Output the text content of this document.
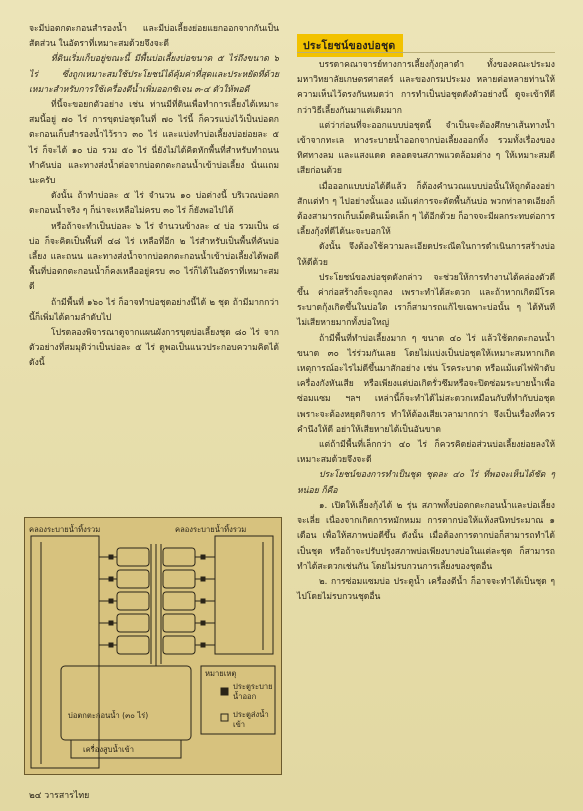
จะมีบ่อตกตะกอนสำรองน้ำ และมีบ่อเลี้ยงย่อยแยกออกจากกันเป็นสัดส่วน ในอัตราที่เหมาะสมด้วยจึงจะดี

ที่ดินเริ่มเก็บอยู่ขณะนี้ มีพื้นบ่อเลี้ยงบ่อขนาด ๕ ไร่ถึงขนาด ๖ ไร่ ซึ่งถูกเหมาะสมใช้ประโยชน์ได้คุ้มค่าที่สุดและประหยัดที่ด้วย เหมาะสำหรับการใช้เครื่องตีน้ำเพิ่มออกซิเจน ๓-๔ ตัวให้พอดี

ที่นี้จะขอยกตัวอย่าง เช่น ท่านมีที่ดินเพื่อทำการเลี้ยงได้เหมาะสมนี้อยู่ ๗๐ ไร่ การขุดบ่อชุดในที่ ๗๐ ไร่นี้ ก็ควรแบ่งไว้เป็นบ่อตกตะกอนเก็บสำรองน้ำไว้ราว ๓๐ ไร่ และแบ่งทำบ่อเลี้ยงบ่อย่อยละ ๕ ไร่ ก็จะได้ ๑๐ บ่อ รวม ๕๐ ไร่ นี่ยังไม่ได้คิดหักพื้นที่สำหรับทำถนน ทำคันบ่อ และทางส่งน้ำต่อจากบ่อตกตะกอนน้ำเข้าบ่อเลี้ยง นั่นแถมนะครับ

ดังนั้น ถ้าทำบ่อละ ๕ ไร่ จำนวน ๑๐ บ่อต่างนี้ บริเวณบ่อตกตะกอนน้ำจริง ๆ ก็น่าจะเหลือไม่ครบ ๓๐ ไร่ ก็ยังพอไปได้

หรือถ้าจะทำเป็นบ่อละ ๖ ไร่ จำนวนข้างละ ๔ บ่อ รวมเป็น ๘ บ่อ ก็จะคิดเป็นพื้นที่ ๔๘ ไร่ เหลือที่อีก ๒ ไร่สำหรับเป็นพื้นที่คันบ่อเลี้ยง และถนน และทางส่งน้ำจากบ่อตกตะกอนน้ำเข้าบ่อเลี้ยงได้พอดี พื้นที่บ่อตกตะกอนน้ำก็คงเหลืออยู่ครบ ๓๐ ไร่ก็ได้ในอัตราที่เหมาะสมดี

ถ้ามีพื้นที่ ๑๖๐ ไร่ ก็อาจทำบ่อชุดอย่างนี้ได้ ๒ ชุด ถ้ามีมากกว่านี้ก็เพิ่มได้ตามลำดับไป

โปรดลองพิจารณาดูจากแผนผังการขุดบ่อเลี้ยงชุด ๘๐ ไร่ จากตัวอย่างที่สมมุติว่าเป็นบ่อละ ๕ ไร่ ดูพอเป็นแนวประกอบความคิดได้ดังนี้

ประโยชน์ของบ่อชุด

บรรดาคณาจารย์ทางการเลี้ยงกุ้งกุลาดำ ทั้งของคณะประมง มหาวิทยาลัยเกษตรศาสตร์ และของกรมประมง หลายต่อหลายท่านให้ความเห็นไว้ตรงกันหมดว่า การทำเป็นบ่อชุดดังตัวอย่างนี้ ดูจะเข้าทีดีกว่าวิธีเลี้ยงกันมาแต่เดิมมาก

แต่ว่าก่อนที่จะออกแบบบ่อชุดนี้ จำเป็นจะต้องศึกษาเส้นทางน้ำเข้าจากทะเล ทางระบายน้ำออกจากบ่อเลี้ยงออกทิ้ง รวมทั้งเรื่องของทิศทางลม และแสงแดด ตลอดจนสภาพแวดล้อมต่าง ๆ ให้เหมาะสมดีเสียก่อนด้วย

เมื่อออกแบบบ่อได้ดีแล้ว ก็ต้องคำนวณแบบบ่อนั้นให้ถูกต้องอย่าสักแต่ทำ ๆ ไปอย่างนั้นเอง แม้แต่การจะตัดพื้นก้นบ่อ พวกท่าลาดเอียงก็ต้องสามารถเก็บเม็ดดินเม็ดเล็ก ๆ ได้อีกด้วย ก็อาจจะมีผลกระทบต่อการเลี้ยงกุ้งที่ดีได้นะจะบอกให้

ดังนั้น จึงต้องใช้ความละเอียดประณีตในการดำเนินการสร้างบ่อให้ดีด้วย

ประโยชน์ของบ่อชุดดังกล่าว จะช่วยให้การทำงานได้คล่องตัวดีขึ้น ค่าก่อสร้างก็จะถูกลง เพราะทำได้สะดวก และถ้าหากเกิดมีโรคระบาดกุ้งเกิดขึ้นในบ่อใด เราก็สามารถแก้ไขเฉพาะบ่อนั้น ๆ ได้ทันที ไม่เสียหายมากทั้งบ่อใหญ่

ถ้ามีพื้นที่ทำบ่อเลี้ยงมาก ๆ ขนาด ๔๐ ไร่ แล้วใช้ตกตะกอนน้ำขนาด ๓๐ ไร่ร่วมกันเลย โดยไม่แบ่งเป็นบ่อชุดให้เหมาะสมหากเกิดเหตุการณ์อะไรไม่ดีขึ้นมาสักอย่าง เช่น โรคระบาด หรือแม้แต่ไฟฟ้าดับ เครื่องกังหันเสีย หรือเพียงแต่บ่อเกิดรั่วซึมหรือจะปิดซ่อมระบายน้ำเพื่อซ่อมแซม ฯลฯ เหล่านี้ก็จะทำได้ไม่สะดวกเหมือนกับที่ทำกับบ่อชุด เพราะจะต้องหยุดกิจการ ทำให้ต้องเสียเวลามากกว่า จึงเป็นเรื่องที่ควรคำนึงให้ดี อย่าให้เสียหายได้เป็นอันขาด

แต่ถ้ามีพื้นที่เล็กกว่า ๔๐ ไร่ ก็ควรคิดย่อส่วนบ่อเลี้ยงย่อยลงให้เหมาะสมด้วยจึงจะดี

ประโยชน์ของการทำเป็นชุด ชุดละ ๔๐ ไร่ ที่พอจะเห็นได้ชัด ๆ หน่อย ก็คือ

๑. เปิดให้เลี้ยงกุ้งได้ ๒ รุ่น สภาพทั้งบ่อตกตะกอนน้ำและบ่อเลี้ยงจะเลี่ย เนื่องจากเกิดการหมักหมม การตากบ่อให้แห้งสนิทประมาณ ๑ เดือน เพื่อให้สภาพบ่อดีขึ้น ดังนั้น เมื่อต้องการตากบ่อก็สามารถทำได้เป็นชุด หรือถ้าจะปรับปรุงสภาพบ่อเพียงบางบ่อในแต่ละชุด ก็สามารถทำได้สะดวกเช่นกัน โดยไม่รบกวนการเลี้ยงของชุดอื่น

๒. การซ่อมแซมบ่อ ประตูน้ำ เครื่องตีน้ำ ก็อาจจะทำได้เป็นชุด ๆ ไปโดยไม่รบกวนชุดอื่น

คลองระบายน้ำทิ้งรวม	คลองระบายน้ำทิ้งรวม
บ่อตกตะกอนน้ำ (๓๐ ไร่)
เครื่องสูบน้ำเข้า
หมายเหตุ
ประตูระบายน้ำออก
ประตูส่งน้ำเข้า
๒๔ วารสารไทย
